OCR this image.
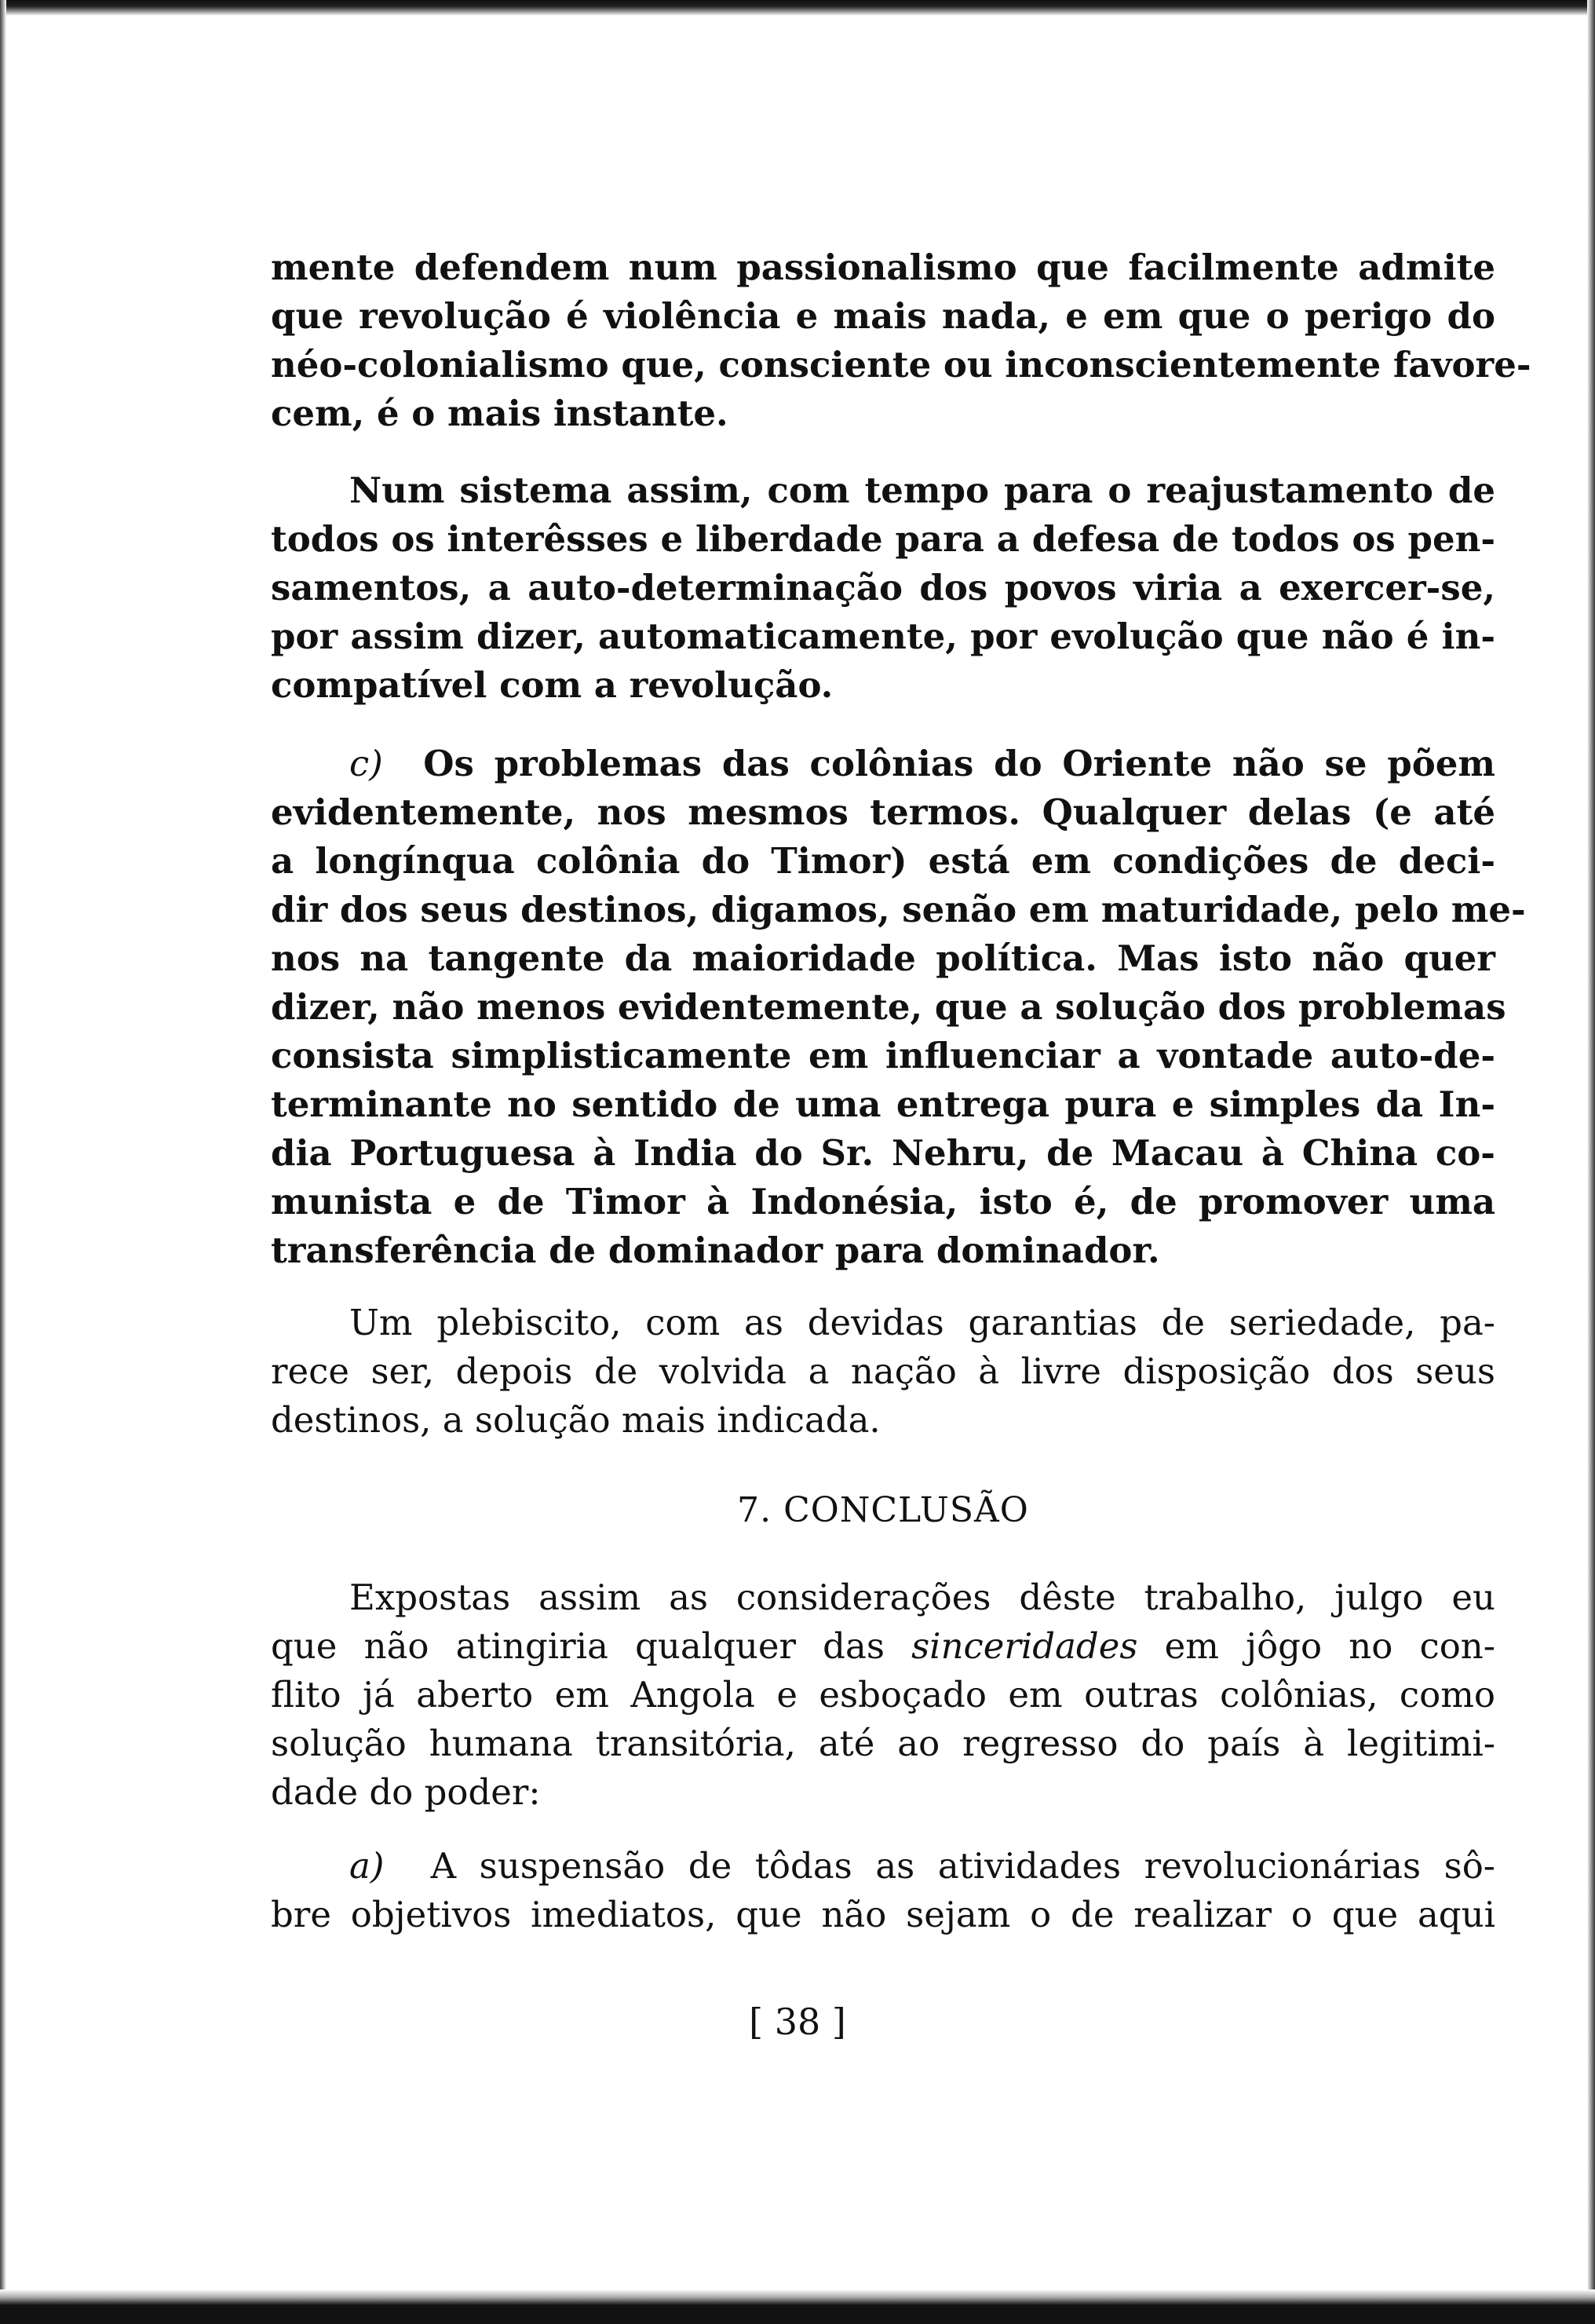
mente defendem num passionalismo que facilmente admite
que revolução é violência e mais nada, e em que o perigo do
néo-colonialismo que, consciente ou inconscientemente favore-
cem, é o mais instante.
Num sistema assim, com tempo para o reajustamento de
todos os interêsses e liberdade para a defesa de todos os pen-
samentos, a auto-determinação dos povos viria a exercer-se,
por assim dizer, automaticamente, por evolução que não é in-
compatível com a revolução.
c) Os problemas das colônias do Oriente não se põem
evidentemente, nos mesmos termos. Qualquer delas (e até
a longínqua colônia do Timor) está em condições de deci-
dir dos seus destinos, digamos, senão em maturidade, pelo me-
nos na tangente da maioridade política. Mas isto não quer
dizer, não menos evidentemente, que a solução dos problemas
consista simplisticamente em influenciar a vontade auto-de-
terminante no sentido de uma entrega pura e simples da In-
dia Portuguesa à India do Sr. Nehru, de Macau à China co-
munista e de Timor à Indonésia, isto é, de promover uma
transferência de dominador para dominador.
Um plebiscito, com as devidas garantias de seriedade, pa-
rece ser, depois de volvida a nação à livre disposição dos seus
destinos, a solução mais indicada.
7. CONCLUSÃO
Expostas assim as considerações dêste trabalho, julgo eu
que não atingiria qualquer das sinceridades em jôgo no con-
flito já aberto em Angola e esboçado em outras colônias, como
solução humana transitória, até ao regresso do país à legitimi-
dade do poder:
a) A suspensão de tôdas as atividades revolucionárias sô-
bre objetivos imediatos, que não sejam o de realizar o que aqui
[ 38 ]
